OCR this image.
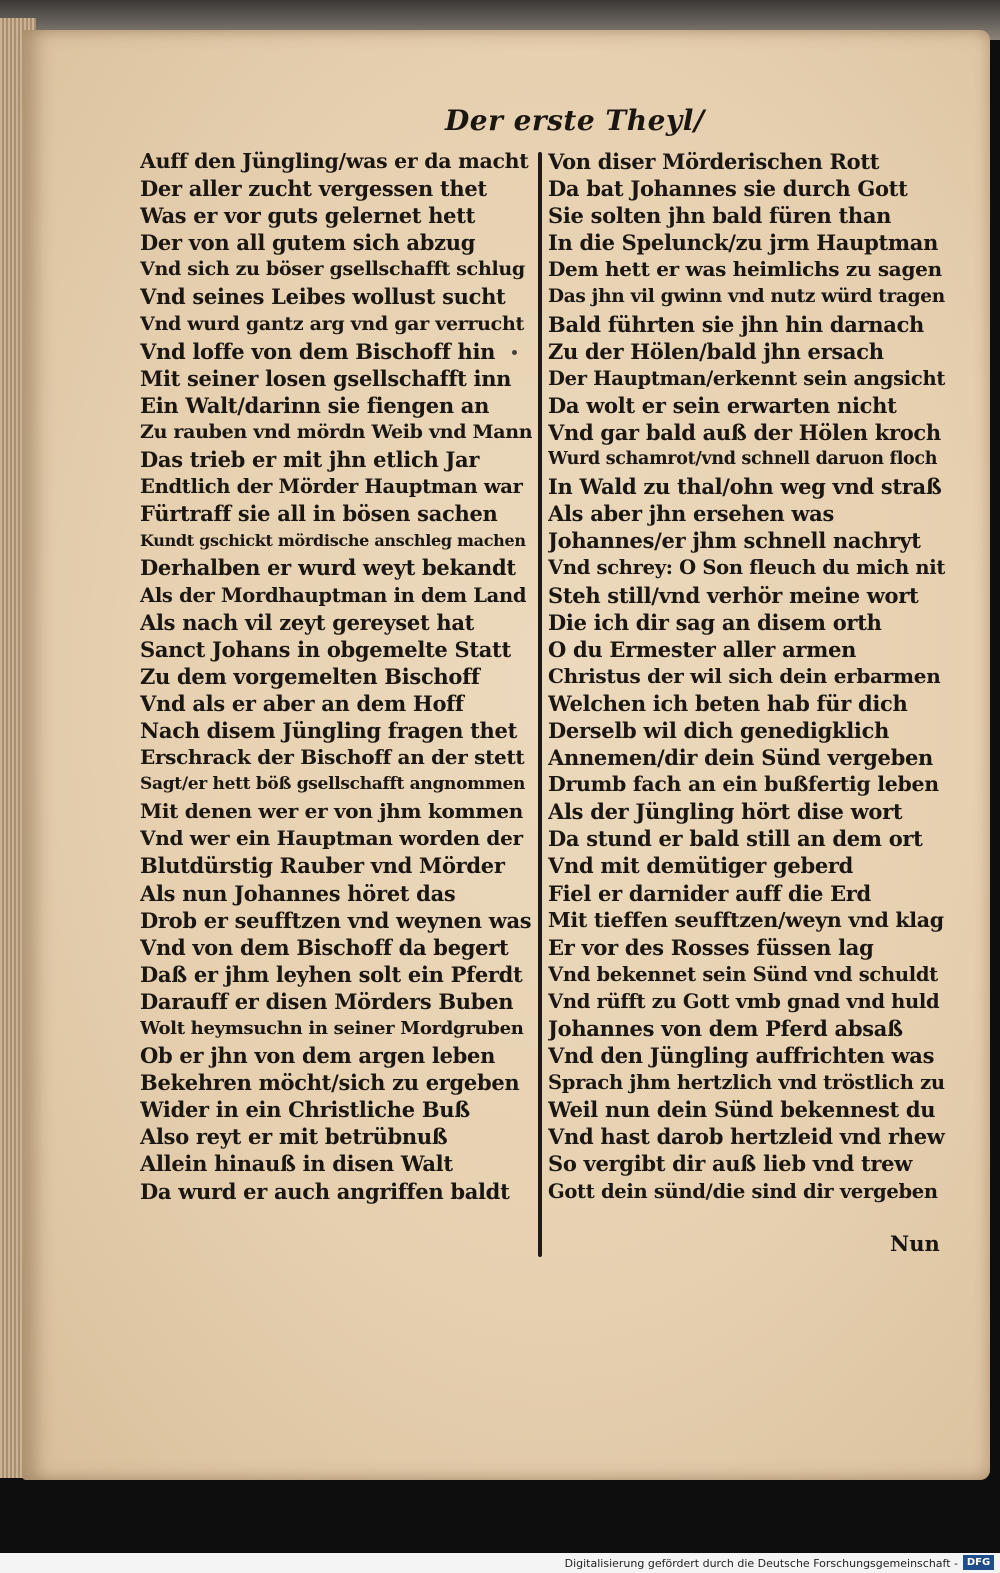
Der erste Theyl/
Auff den Jüngling/was er da macht
Der aller zucht vergessen thet
Was er vor guts gelernet hett
Der von all gutem sich abzug
Vnd sich zu böser gsellschafft schlug
Vnd seines Leibes wollust sucht
Vnd wurd gantz arg vnd gar verrucht
Vnd loffe von dem Bischoff hin
Mit seiner losen gsellschafft inn
Ein Walt/darinn sie fiengen an
Zu rauben vnd mördn Weib vnd Mann
Das trieb er mit jhn etlich Jar
Endtlich der Mörder Hauptman war
Fürtraff sie all in bösen sachen
Kundt gschickt mördische anschleg machen
Derhalben er wurd weyt bekandt
Als der Mordhauptman in dem Land
Als nach vil zeyt gereyset hat
Sanct Johans in obgemelte Statt
Zu dem vorgemelten Bischoff
Vnd als er aber an dem Hoff
Nach disem Jüngling fragen thet
Erschrack der Bischoff an der stett
Sagt/er hett böß gsellschafft angnommen
Mit denen wer er von jhm kommen
Vnd wer ein Hauptman worden der
Blutdürstig Rauber vnd Mörder
Als nun Johannes höret das
Drob er seufftzen vnd weynen was
Vnd von dem Bischoff da begert
Daß er jhm leyhen solt ein Pferdt
Darauff er disen Mörders Buben
Wolt heymsuchn in seiner Mordgruben
Ob er jhn von dem argen leben
Bekehren möcht/sich zu ergeben
Wider in ein Christliche Buß
Also reyt er mit betrübnuß
Allein hinauß in disen Walt
Da wurd er auch angriffen baldt
Von diser Mörderischen Rott
Da bat Johannes sie durch Gott
Sie solten jhn bald füren than
In die Spelunck/zu jrm Hauptman
Dem hett er was heimlichs zu sagen
Das jhn vil gwinn vnd nutz würd tragen
Bald führten sie jhn hin darnach
Zu der Hölen/bald jhn ersach
Der Hauptman/erkennt sein angsicht
Da wolt er sein erwarten nicht
Vnd gar bald auß der Hölen kroch
Wurd schamrot/vnd schnell daruon floch
In Wald zu thal/ohn weg vnd straß
Als aber jhn ersehen was
Johannes/er jhm schnell nachryt
Vnd schrey: O Son fleuch du mich nit
Steh still/vnd verhör meine wort
Die ich dir sag an disem orth
O du Ermester aller armen
Christus der wil sich dein erbarmen
Welchen ich beten hab für dich
Derselb wil dich genedigklich
Annemen/dir dein Sünd vergeben
Drumb fach an ein bußfertig leben
Als der Jüngling hört dise wort
Da stund er bald still an dem ort
Vnd mit demütiger geberd
Fiel er darnider auff die Erd
Mit tieffen seufftzen/weyn vnd klag
Er vor des Rosses füssen lag
Vnd bekennet sein Sünd vnd schuldt
Vnd rüfft zu Gott vmb gnad vnd huld
Johannes von dem Pferd absaß
Vnd den Jüngling auffrichten was
Sprach jhm hertzlich vnd tröstlich zu
Weil nun dein Sünd bekennest du
Vnd hast darob hertzleid vnd rhew
So vergibt dir auß lieb vnd trew
Gott dein sünd/die sind dir vergeben
Nun
Digitalisierung gefördert durch die Deutsche Forschungsgemeinschaft - DFG
